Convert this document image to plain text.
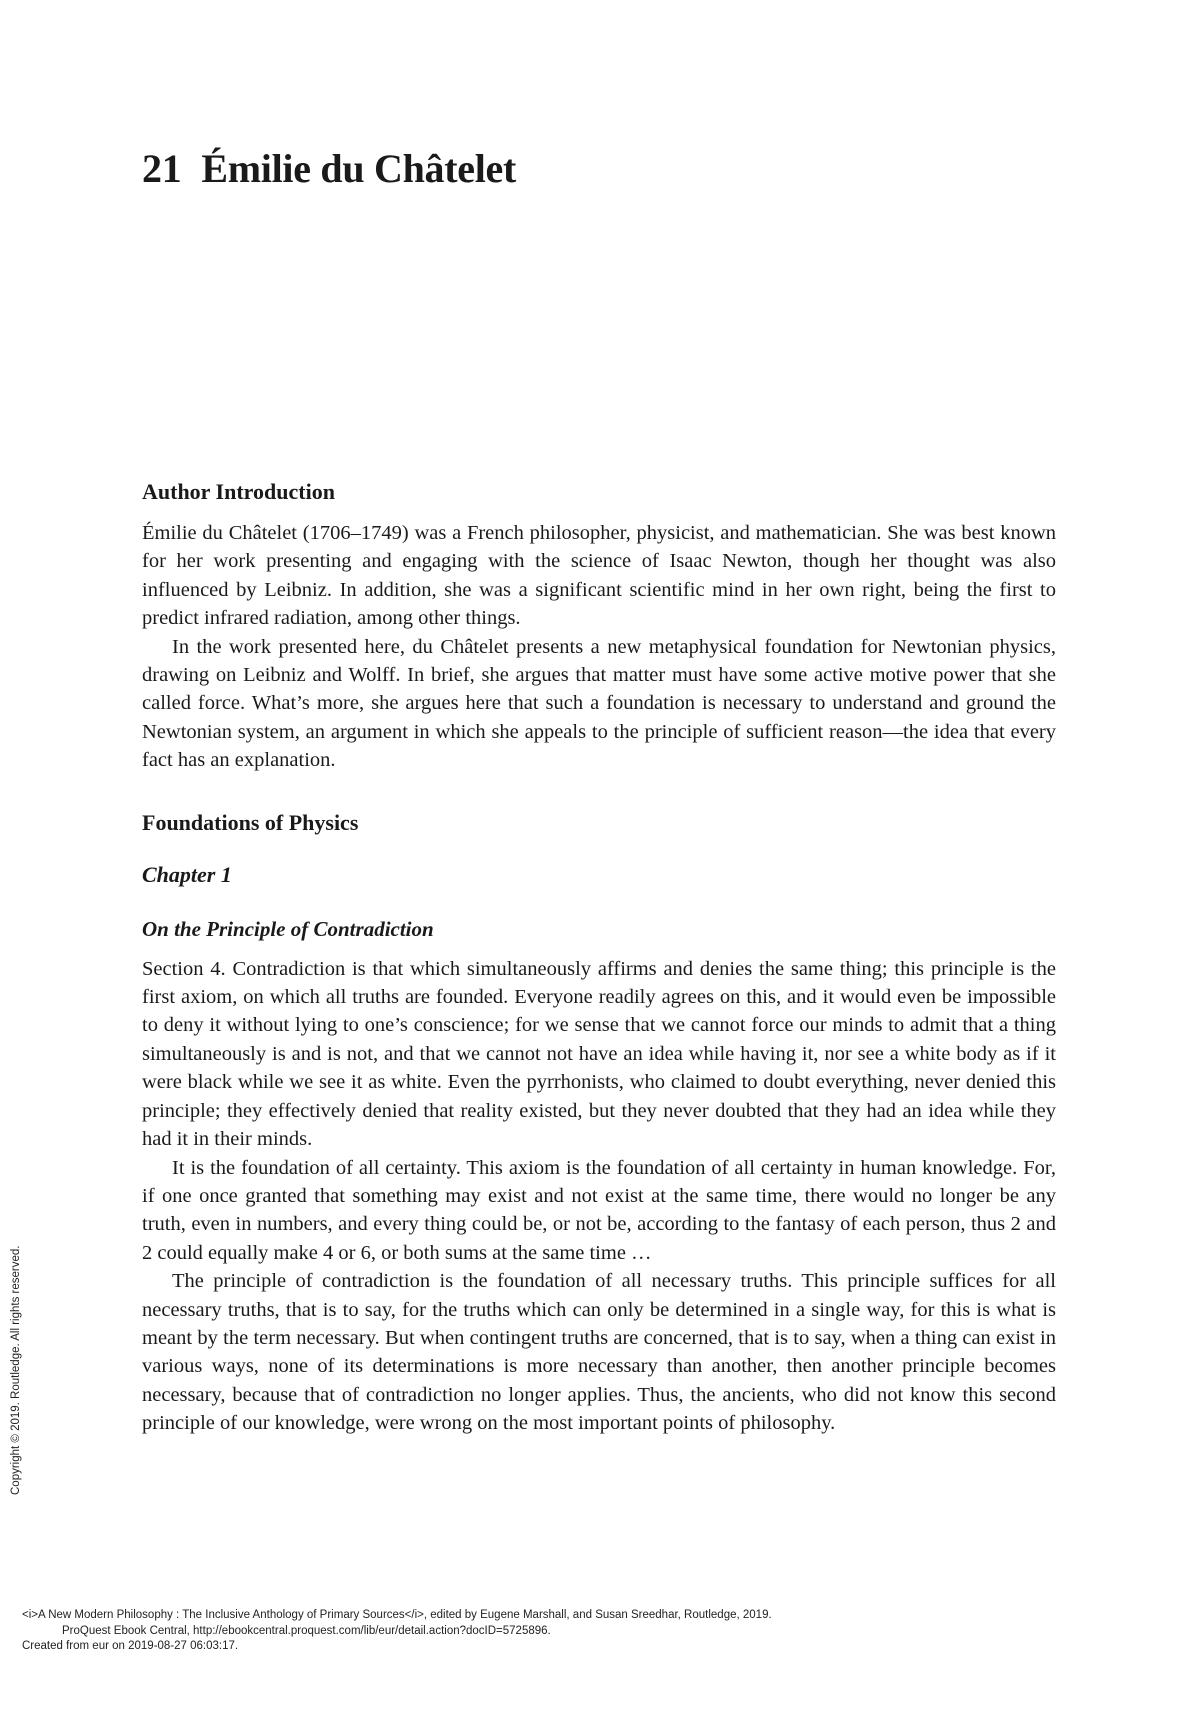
21 Émilie du Châtelet
Author Introduction

Émilie du Châtelet (1706–1749) was a French philosopher, physicist, and mathematician. She was best known for her work presenting and engaging with the science of Isaac Newton, though her thought was also influenced by Leibniz. In addition, she was a significant scientific mind in her own right, being the first to predict infrared radiation, among other things.

In the work presented here, du Châtelet presents a new metaphysical foundation for Newtonian physics, drawing on Leibniz and Wolff. In brief, she argues that matter must have some active motive power that she called force. What’s more, she argues here that such a foundation is necessary to understand and ground the Newtonian system, an argument in which she appeals to the principle of sufficient reason—the idea that every fact has an explanation.

Foundations of Physics
Chapter 1
On the Principle of Contradiction

Section 4. Contradiction is that which simultaneously affirms and denies the same thing; this principle is the first axiom, on which all truths are founded. Everyone readily agrees on this, and it would even be impossible to deny it without lying to one’s conscience; for we sense that we cannot force our minds to admit that a thing simultaneously is and is not, and that we cannot not have an idea while having it, nor see a white body as if it were black while we see it as white. Even the pyrrhonists, who claimed to doubt everything, never denied this principle; they effectively denied that reality existed, but they never doubted that they had an idea while they had it in their minds.

It is the foundation of all certainty. This axiom is the foundation of all certainty in human knowledge. For, if one once granted that something may exist and not exist at the same time, there would no longer be any truth, even in numbers, and every thing could be, or not be, according to the fantasy of each person, thus 2 and 2 could equally make 4 or 6, or both sums at the same time …

The principle of contradiction is the foundation of all necessary truths. This principle suffices for all necessary truths, that is to say, for the truths which can only be determined in a single way, for this is what is meant by the term necessary. But when contingent truths are concerned, that is to say, when a thing can exist in various ways, none of its determinations is more necessary than another, then another principle becomes necessary, because that of contradiction no longer applies. Thus, the ancients, who did not know this second principle of our knowledge, were wrong on the most important points of philosophy.

Copyright © 2019. Routledge. All rights reserved.
<i>A New Modern Philosophy : The Inclusive Anthology of Primary Sources</i>, edited by Eugene Marshall, and Susan Sreedhar, Routledge, 2019.
ProQuest Ebook Central, http://ebookcentral.proquest.com/lib/eur/detail.action?docID=5725896.
Created from eur on 2019-08-27 06:03:17.
